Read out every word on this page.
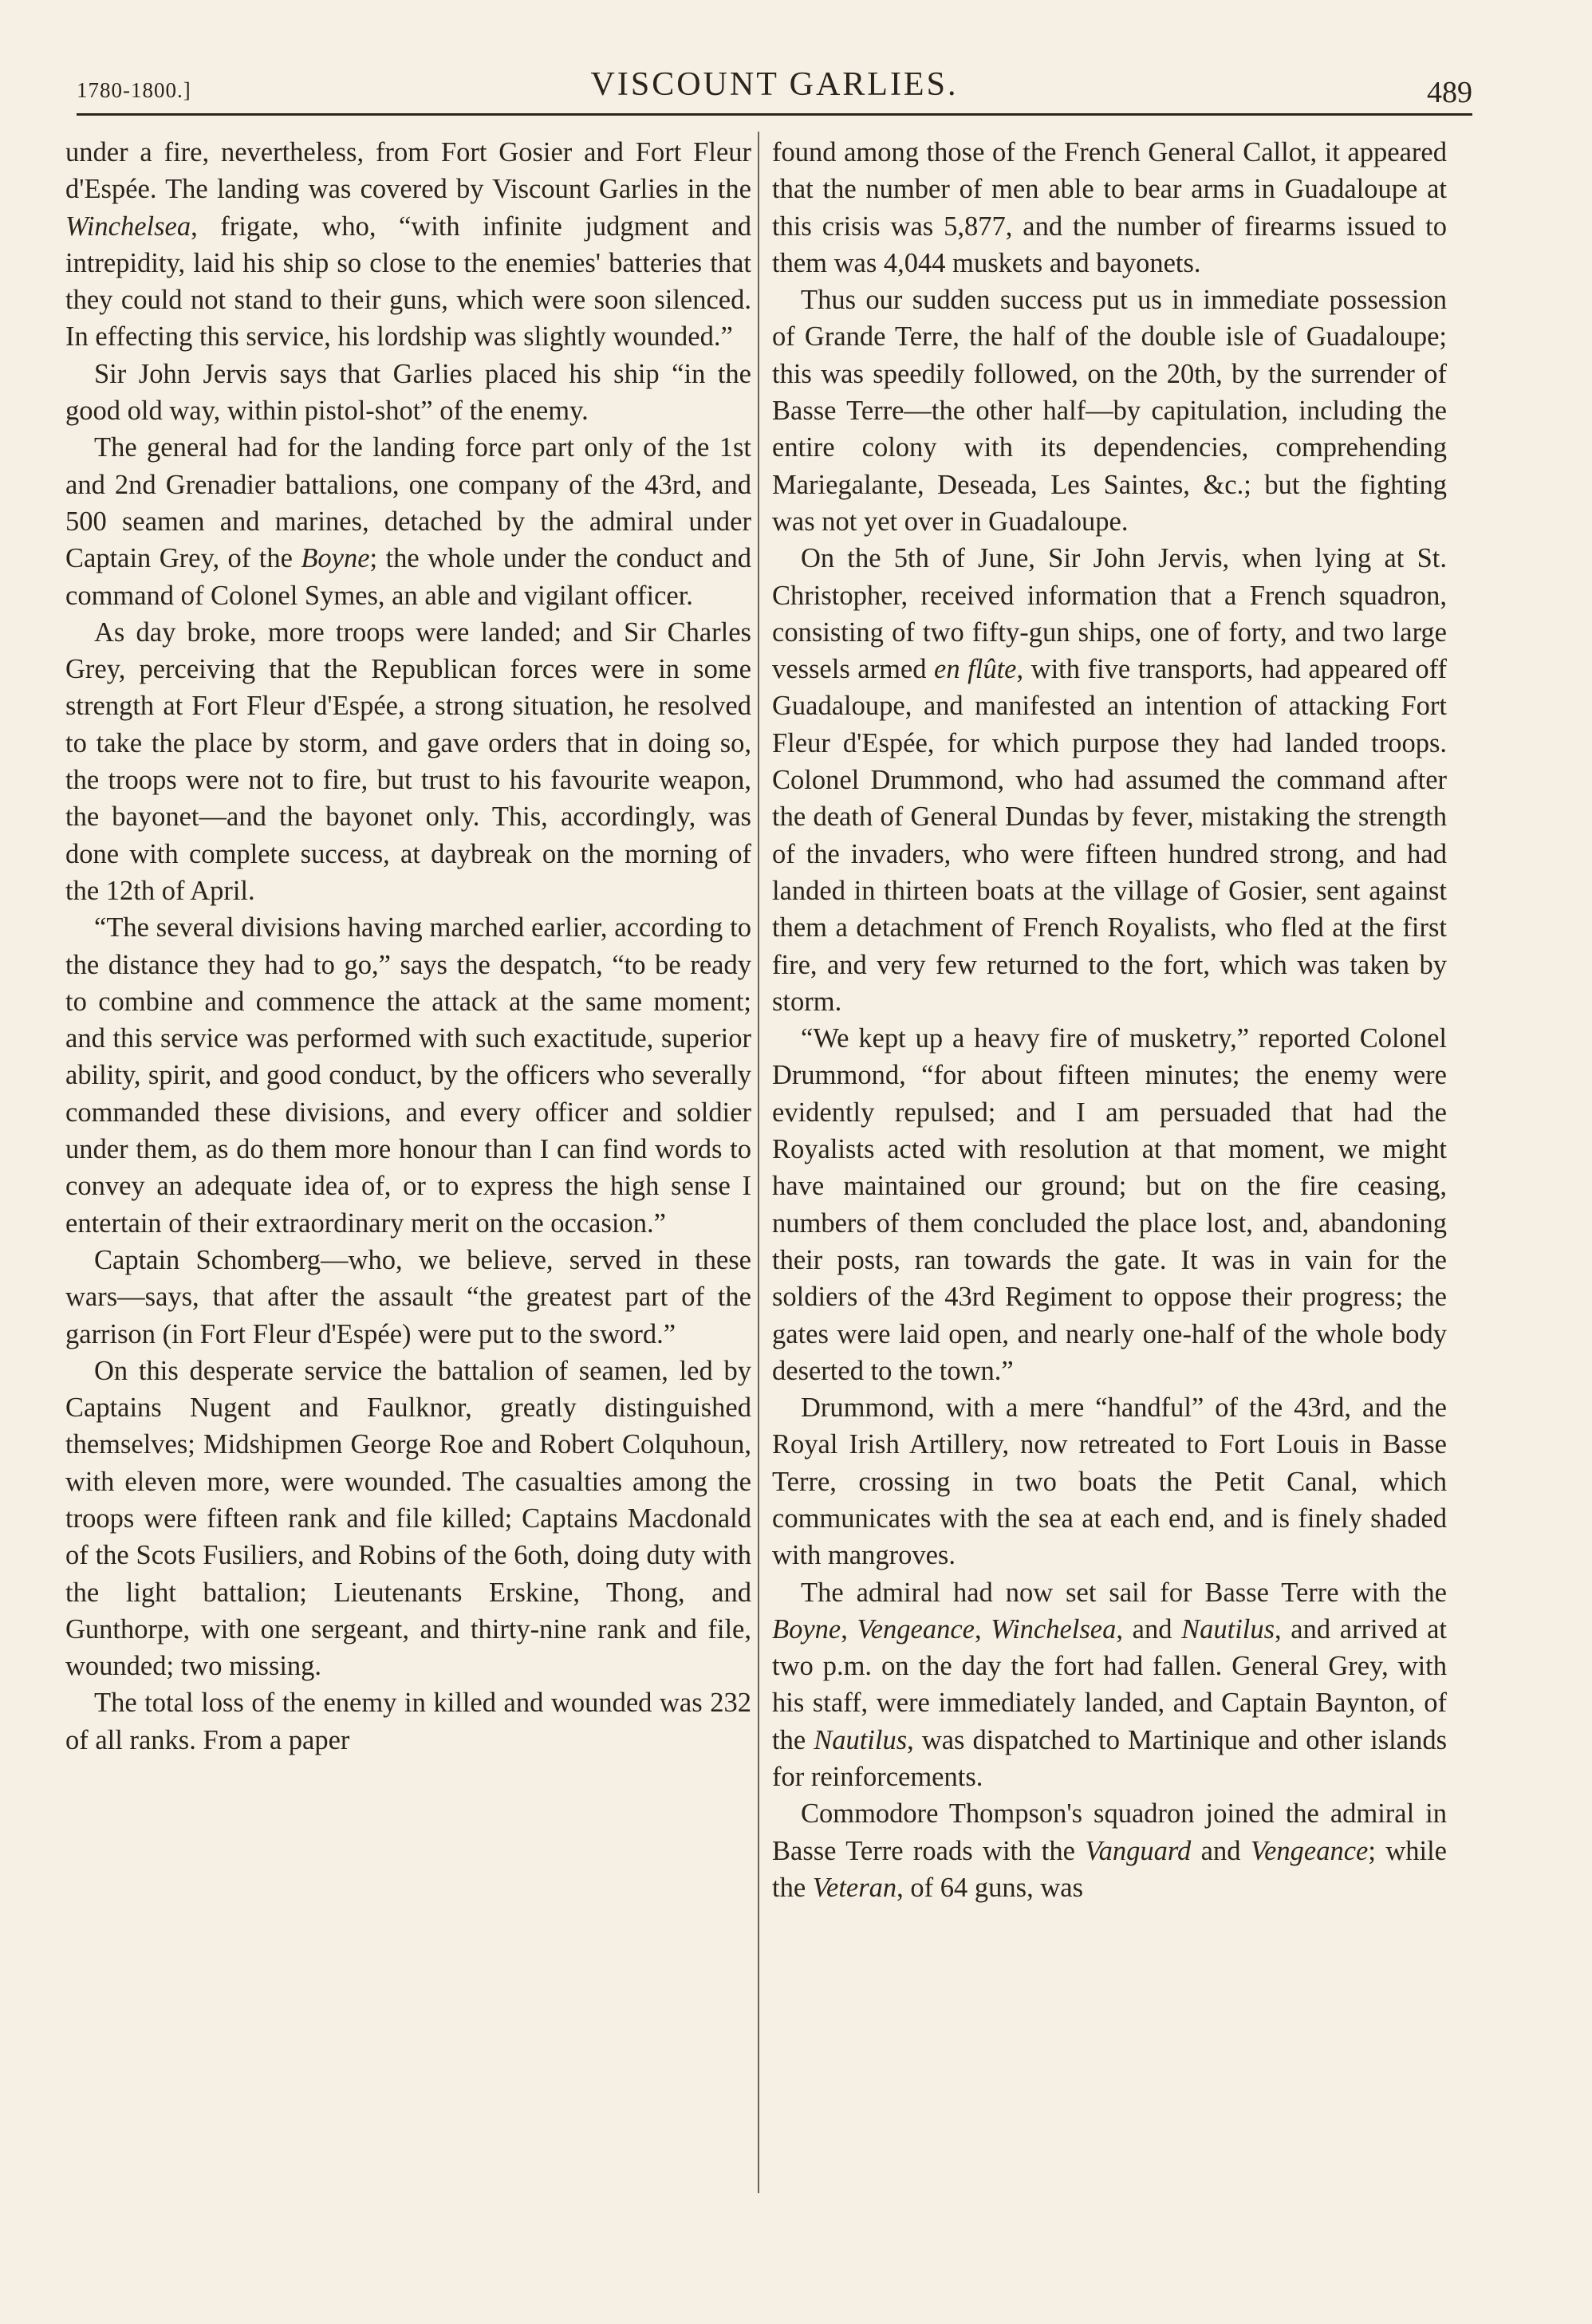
1780-1800.]	VISCOUNT GARLIES.	489

under a fire, nevertheless, from Fort Gosier and Fort Fleur d'Espée. The landing was covered by Viscount Garlies in the Winchelsea, frigate, who, “with infinite judgment and intrepidity, laid his ship so close to the enemies' batteries that they could not stand to their guns, which were soon silenced. In effecting this service, his lordship was slightly wounded.”

Sir John Jervis says that Garlies placed his ship “in the good old way, within pistol-shot” of the enemy.

The general had for the landing force part only of the 1st and 2nd Grenadier battalions, one company of the 43rd, and 500 seamen and marines, detached by the admiral under Captain Grey, of the Boyne; the whole under the conduct and command of Colonel Symes, an able and vigilant officer.

As day broke, more troops were landed; and Sir Charles Grey, perceiving that the Republican forces were in some strength at Fort Fleur d'Espée, a strong situation, he resolved to take the place by storm, and gave orders that in doing so, the troops were not to fire, but trust to his favourite weapon, the bayonet—and the bayonet only. This, accordingly, was done with complete success, at daybreak on the morning of the 12th of April.

“The several divisions having marched earlier, according to the distance they had to go,” says the despatch, “to be ready to combine and commence the attack at the same moment; and this service was performed with such exactitude, superior ability, spirit, and good conduct, by the officers who severally commanded these divisions, and every officer and soldier under them, as do them more honour than I can find words to convey an adequate idea of, or to express the high sense I entertain of their extraordinary merit on the occasion.”

Captain Schomberg—who, we believe, served in these wars—says, that after the assault “the greatest part of the garrison (in Fort Fleur d'Espée) were put to the sword.”

On this desperate service the battalion of seamen, led by Captains Nugent and Faulknor, greatly distinguished themselves; Midshipmen George Roe and Robert Colquhoun, with eleven more, were wounded. The casualties among the troops were fifteen rank and file killed; Captains Macdonald of the Scots Fusiliers, and Robins of the 6oth, doing duty with the light battalion; Lieutenants Erskine, Thong, and Gunthorpe, with one sergeant, and thirty-nine rank and file, wounded; two missing.

The total loss of the enemy in killed and wounded was 232 of all ranks. From a paper

found among those of the French General Callot, it appeared that the number of men able to bear arms in Guadaloupe at this crisis was 5,877, and the number of firearms issued to them was 4,044 muskets and bayonets.

Thus our sudden success put us in immediate possession of Grande Terre, the half of the double isle of Guadaloupe; this was speedily followed, on the 20th, by the surrender of Basse Terre—the other half—by capitulation, including the entire colony with its dependencies, comprehending Mariegalante, Deseada, Les Saintes, &c.; but the fighting was not yet over in Guadaloupe.

On the 5th of June, Sir John Jervis, when lying at St. Christopher, received information that a French squadron, consisting of two fifty-gun ships, one of forty, and two large vessels armed en flûte, with five transports, had appeared off Guadaloupe, and manifested an intention of attacking Fort Fleur d'Espée, for which purpose they had landed troops. Colonel Drummond, who had assumed the command after the death of General Dundas by fever, mistaking the strength of the invaders, who were fifteen hundred strong, and had landed in thirteen boats at the village of Gosier, sent against them a detachment of French Royalists, who fled at the first fire, and very few returned to the fort, which was taken by storm.

“We kept up a heavy fire of musketry,” reported Colonel Drummond, “for about fifteen minutes; the enemy were evidently repulsed; and I am persuaded that had the Royalists acted with resolution at that moment, we might have maintained our ground; but on the fire ceasing, numbers of them concluded the place lost, and, abandoning their posts, ran towards the gate. It was in vain for the soldiers of the 43rd Regiment to oppose their progress; the gates were laid open, and nearly one-half of the whole body deserted to the town.”

Drummond, with a mere “handful” of the 43rd, and the Royal Irish Artillery, now retreated to Fort Louis in Basse Terre, crossing in two boats the Petit Canal, which communicates with the sea at each end, and is finely shaded with mangroves.

The admiral had now set sail for Basse Terre with the Boyne, Vengeance, Winchelsea, and Nautilus, and arrived at two p.m. on the day the fort had fallen. General Grey, with his staff, were immediately landed, and Captain Baynton, of the Nautilus, was dispatched to Martinique and other islands for reinforcements.

Commodore Thompson's squadron joined the admiral in Basse Terre roads with the Vanguard and Vengeance; while the Veteran, of 64 guns, was
